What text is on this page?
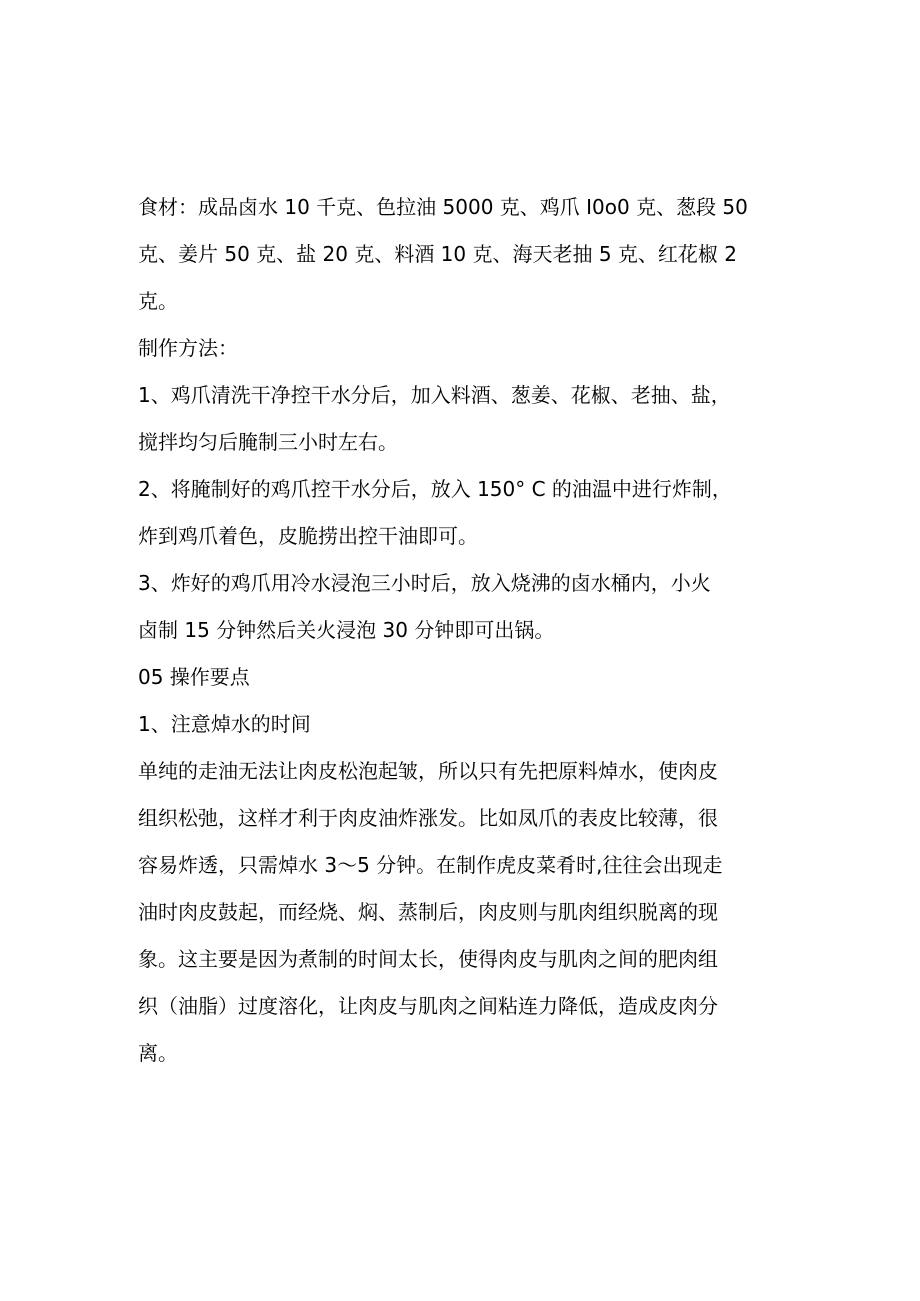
食材：成品卤水 10 千克、色拉油 5000 克、鸡爪 I0o0 克、葱段 50
克、姜片 50 克、盐 20 克、料酒 10 克、海天老抽 5 克、红花椒 2
克。
制作方法：
1、鸡爪清洗干净控干水分后，加入料酒、葱姜、花椒、老抽、盐，
搅拌均匀后腌制三小时左右。
2、将腌制好的鸡爪控干水分后，放入 150° C 的油温中进行炸制，
炸到鸡爪着色，皮脆捞出控干油即可。
3、炸好的鸡爪用冷水浸泡三小时后，放入烧沸的卤水桶内，小火
卤制 15 分钟然后关火浸泡 30 分钟即可出锅。
05 操作要点
1、注意焯水的时间
单纯的走油无法让肉皮松泡起皱，所以只有先把原料焯水，使肉皮
组织松弛，这样才利于肉皮油炸涨发。比如凤爪的表皮比较薄，很
容易炸透，只需焯水 3～5 分钟。在制作虎皮菜肴时,往往会出现走
油时肉皮鼓起，而经烧、焖、蒸制后，肉皮则与肌肉组织脱离的现
象。这主要是因为煮制的时间太长，使得肉皮与肌肉之间的肥肉组
织（油脂）过度溶化，让肉皮与肌肉之间粘连力降低，造成皮肉分
离。
